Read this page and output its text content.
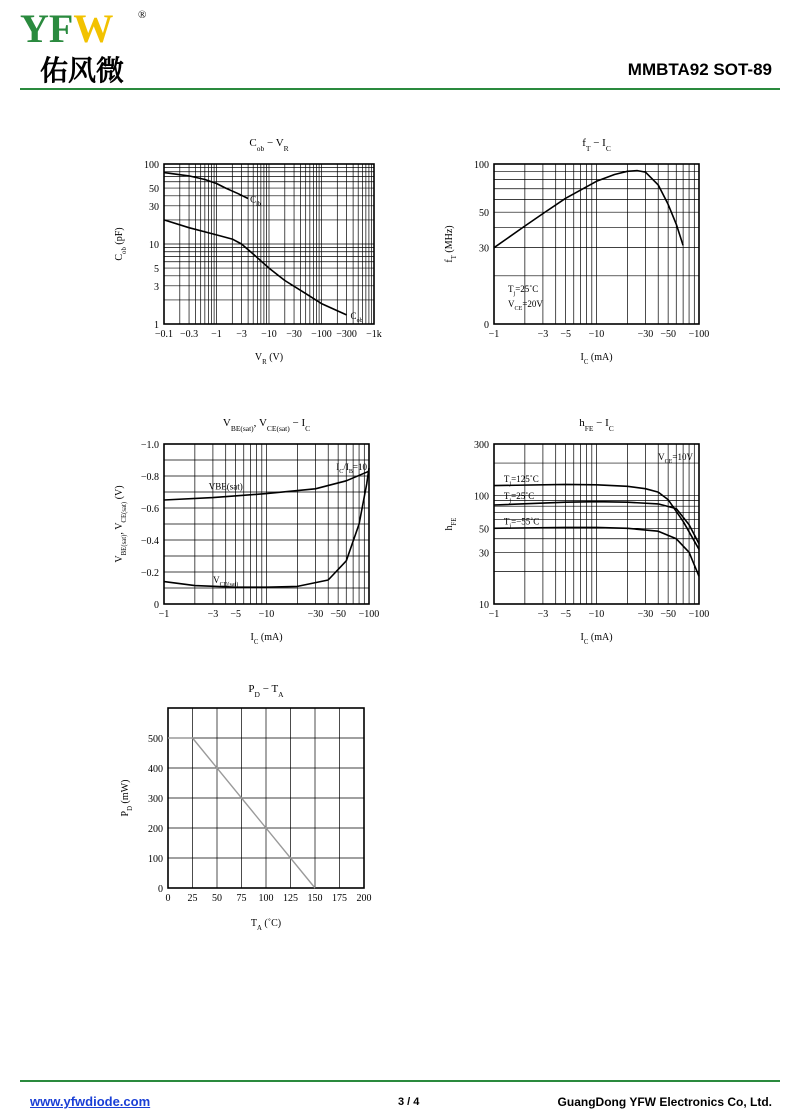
YFW ®
佑风微	MMBTA92 SOT-89
$C_{ob} - V_R$
−0.1 −0.3 −1 −3 −10 −30 −100 −300 −1k
1
3
5
10
30
50
100
$V_R$ (V)
$C_{ob}$ (pF)
$C_{ib}$
$C_{ob}$
$f_T - I_C$
−1	−3 −5 −10	−30 −50 −100
30
50
100
0
$I_C$ (mA)
$f_T$ (MHz)
$T_j=25˚C$
$V_{CE}=20V$
$V_{BE(sat)}$, $V_{CE(sat)} - I_C$
−1	−3 −5 −10	−30 −50 −100
0
−0.2
−0.4
−0.6
−0.8
−1.0
$I_C$ (mA)
$V_{BE(sat)}$, $V_{CE(sat)}$ (V)
$I_C/I_B=10$
VBE(sat)
$V_{CE(sat)}$
$h_{FE} - I_C$
−1	−3 −5 −10	−30 −50 −100
10
30
50
100
300
$I_C$ (mA)
$h_{FE}$
$V_{CE}=10V$
$T_j=125˚C$
$T_j=25˚C$
$T_j=-55˚C$
$P_D - T_A$
0 25 50 75 100 125 150 175 200
0
100
200
300
400
500
$T_A$ (˚C)
$P_D$ (mW)
www.yfwdiode.com	3 / 4	GuangDong YFW Electronics Co, Ltd.
